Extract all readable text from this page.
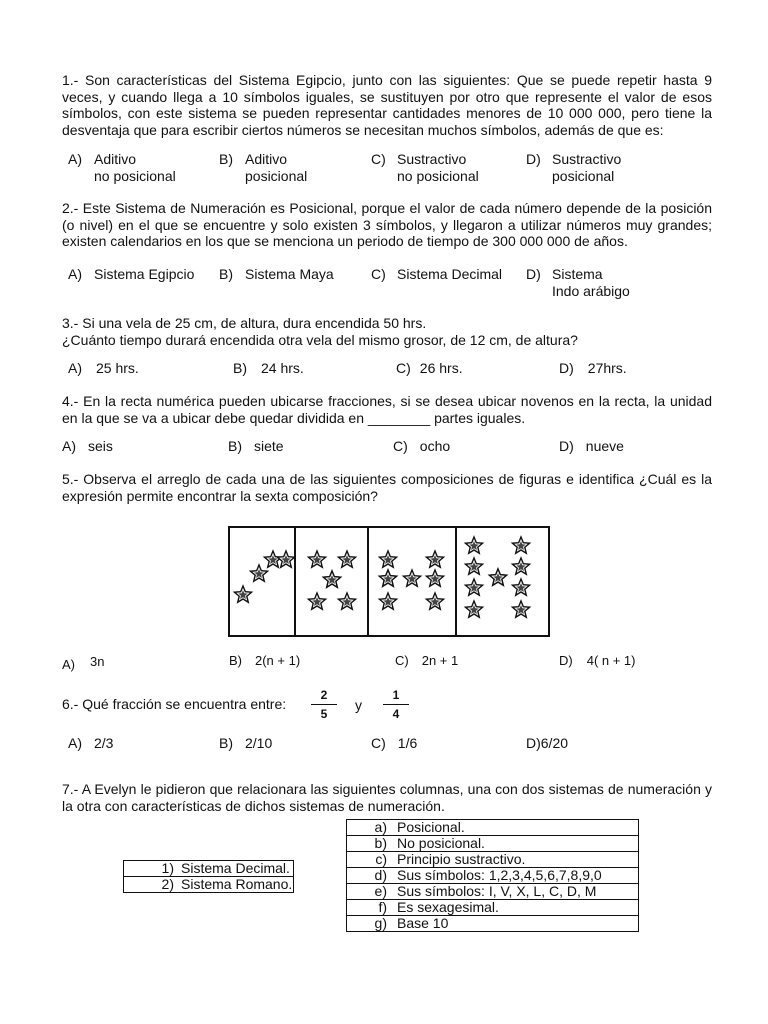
1.- Son características del Sistema Egipcio, junto con las siguientes: Que se puede repetir hasta 9 veces, y cuando llega a 10 símbolos iguales, se sustituyen por otro que represente el valor de esos símbolos, con este sistema se pueden representar cantidades menores de 10 000 000, pero tiene la desventaja que para escribir ciertos números se necesitan muchos símbolos, además de que es:
A) Aditivo
no posicional
B) Aditivo
posicional
C) Sustractivo
no posicional
D) Sustractivo
posicional
2.- Este Sistema de Numeración es Posicional, porque el valor de cada número depende de la posición (o nivel) en el que se encuentre y solo existen 3 símbolos, y llegaron a utilizar números muy grandes; existen calendarios en los que se menciona un periodo de tiempo de 300 000 000 de años.
A) Sistema Egipcio B) Sistema Maya	C) Sistema Decimal D) Sistema
Indo arábigo
3.- Si una vela de 25 cm, de altura, dura encendida 50 hrs.
¿Cuánto tiempo durará encendida otra vela del mismo grosor, de 12 cm, de altura?
A) 25 hrs.	B) 24 hrs.	C) 26 hrs.	D) 27hrs.
4.- En la recta numérica pueden ubicarse fracciones, si se desea ubicar novenos en la recta, la unidad en la que se va a ubicar debe quedar dividida en ________ partes iguales.
A) seis	B) siete	C) ocho	D) nueve
5.- Observa el arreglo de cada una de las siguientes composiciones de figuras e identifica ¿Cuál es la expresión permite encontrar la sexta composición?
A) 3n	B) 2(n + 1)	C) 2n + 1	D) 4( n + 1)
6.- Qué fracción se encuentra entre:
2
5
y
1
4
A) 2/3	B) 2/10	C) 1/6	D)6/20
7.- A Evelyn le pidieron que relacionara las siguientes columnas, una con dos sistemas de numeración y la otra con características de dichos sistemas de numeración.
a) Posicional.
b) No posicional.
c) Principio sustractivo.
d) Sus símbolos: 1,2,3,4,5,6,7,8,9,0
e) Sus símbolos: I, V, X, L, C, D, M
f) Es sexagesimal.
g) Base 10
1) Sistema Decimal.
2) Sistema Romano.
